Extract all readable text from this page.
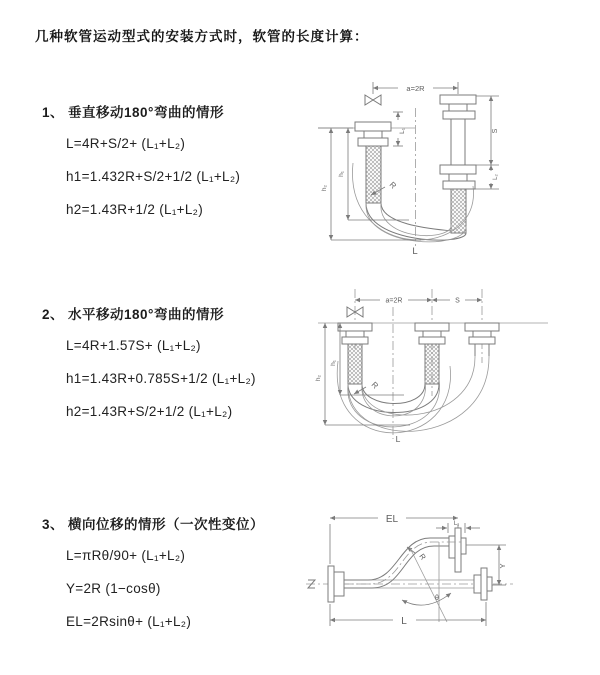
几种软管运动型式的安装方式时，软管的长度计算：
1、 垂直移动180°弯曲的情形
L=4R+S/2+ (L₁+L₂)
h1=1.432R+S/2+1/2 (L₁+L₂)
h2=1.43R+1/2 (L₁+L₂)
2、 水平移动180°弯曲的情形
L=4R+1.57S+ (L₁+L₂)
h1=1.43R+0.785S+1/2 (L₁+L₂)
h2=1.43R+S/2+1/2 (L₁+L₂)
3、 横向位移的情形（一次性变位）
L=πRθ/90+ (L₁+L₂)
Y=2R (1−cosθ)
EL=2Rsinθ+ (L₁+L₂)
a=2R
R
L
L₁	S
L₂
h₁
h₂
a=2R	S
R
L
h₁
h₂
EL	L₁
Y
R
θ
L
